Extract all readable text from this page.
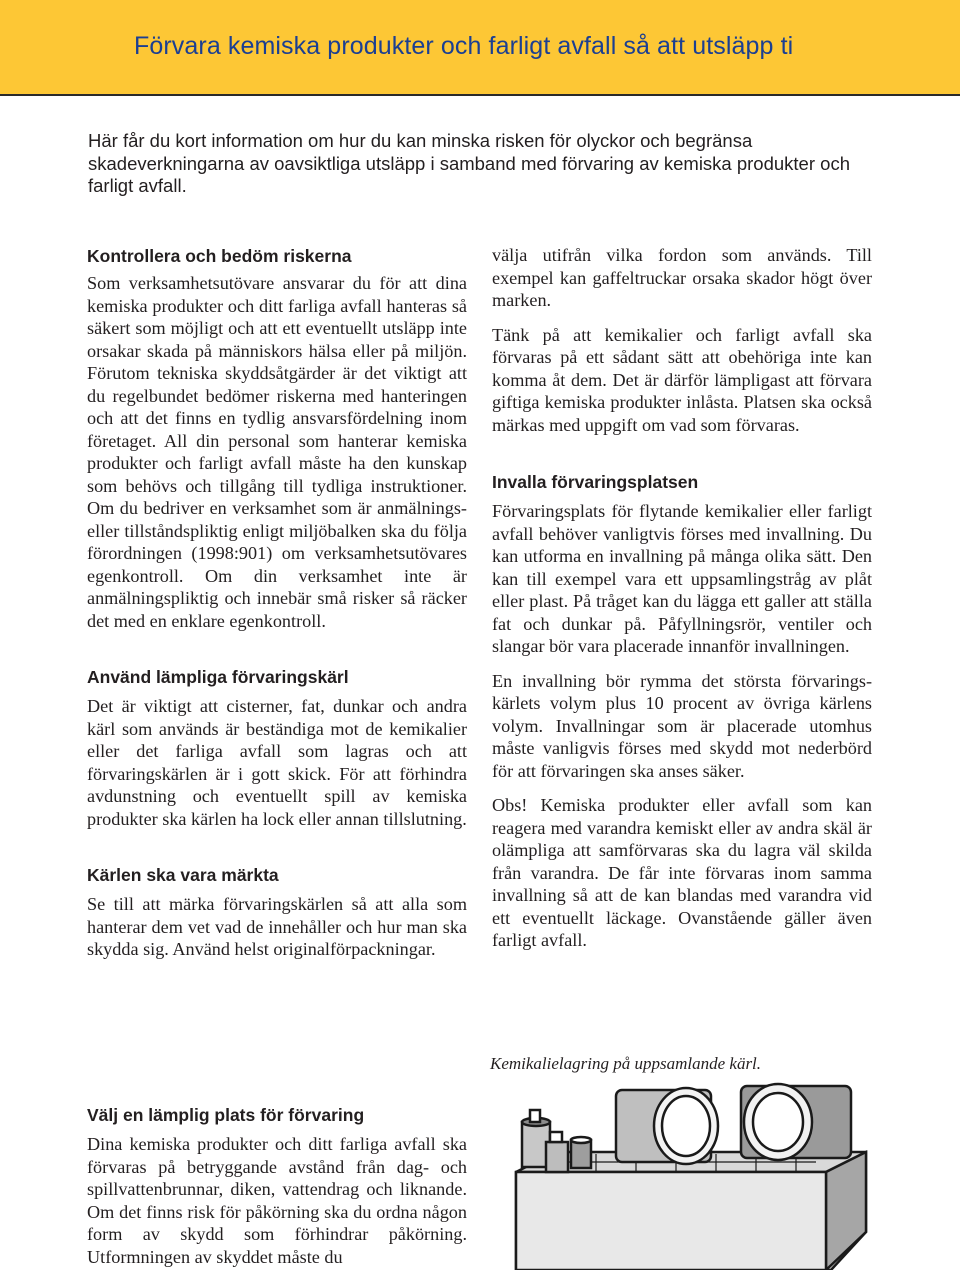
Förvara kemiska produkter och farligt avfall så att utsläpp ti

Här får du kort information om hur du kan minska risken för olyckor och begränsa skadeverkningarna av oavsiktliga utsläpp i samband med förvaring av kemiska produkter och farligt avfall.

Kontrollera och bedöm riskerna

Som verksamhetsutövare ansvarar du för att dina kemiska produkter och ditt farliga avfall hanteras så säkert som möjligt och att ett eventuellt utsläpp inte orsakar skada på människors hälsa eller på miljön. Förutom tekniska skyddsåtgärder är det viktigt att du regelbundet bedömer riskerna med hanteringen och att det finns en tydlig ansvarsfördelning inom företaget. All din personal som hanterar kemiska produkter och farligt avfall måste ha den kunskap som behövs och tillgång till tydliga instruktioner. Om du bedriver en verksamhet som är anmälnings- eller tillståndspliktig enligt miljöbalken ska du följa förordningen (1998:901) om verksamhetsutövares egenkontroll. Om din verksamhet inte är anmälningspliktig och innebär små risker så räcker det med en enklare egenkontroll.

Använd lämpliga förvaringskärl

Det är viktigt att cisterner, fat, dunkar och andra kärl som används är beständiga mot de kemikalier eller det farliga avfall som lagras och att förvaringskärlen är i gott skick. För att förhindra avdunstning och eventuellt spill av kemiska produkter ska kärlen ha lock eller annan tillslutning.

Kärlen ska vara märkta

Se till att märka förvaringskärlen så att alla som hanterar dem vet vad de innehåller och hur man ska skydda sig. Använd helst originalförpackningar.

Välj en lämplig plats för förvaring

Dina kemiska produkter och ditt farliga avfall ska förvaras på betryggande avstånd från dag- och spillvattenbrunnar, diken, vattendrag och liknande. Om det finns risk för påkörning ska du ordna någon form av skydd som förhindrar påkörning. Utformningen av skyddet måste du

välja utifrån vilka fordon som används. Till exempel kan gaffeltruckar orsaka skador högt över marken.

Tänk på att kemikalier och farligt avfall ska förvaras på ett sådant sätt att obehöriga inte kan komma åt dem. Det är därför lämpligast att förvara giftiga kemiska produkter inlåsta. Platsen ska också märkas med uppgift om vad som förvaras.

Invalla förvaringsplatsen

Förvaringsplats för flytande kemikalier eller farligt avfall behöver vanligtvis förses med invallning. Du kan utforma en invallning på många olika sätt. Den kan till exempel vara ett uppsamlingstråg av plåt eller plast. På tråget kan du lägga ett galler att ställa fat och dunkar på. Påfyllningsrör, ventiler och slangar bör vara placerade innanför invallningen.

En invallning bör rymma det största förvaringskärlets volym plus 10 procent av övriga kärlens volym. Invallningar som är placerade utomhus måste vanligvis förses med skydd mot nederbörd för att förvaringen ska anses säker.

Obs! Kemiska produkter eller avfall som kan reagera med varandra kemiskt eller av andra skäl är olämpliga att samförvaras ska du lagra väl skilda från varandra. De får inte förvaras inom samma invallning så att de kan blandas med varandra vid ett eventuellt läckage. Ovanstående gäller även farligt avfall.

Kemikalielagring på uppsamlande kärl.
